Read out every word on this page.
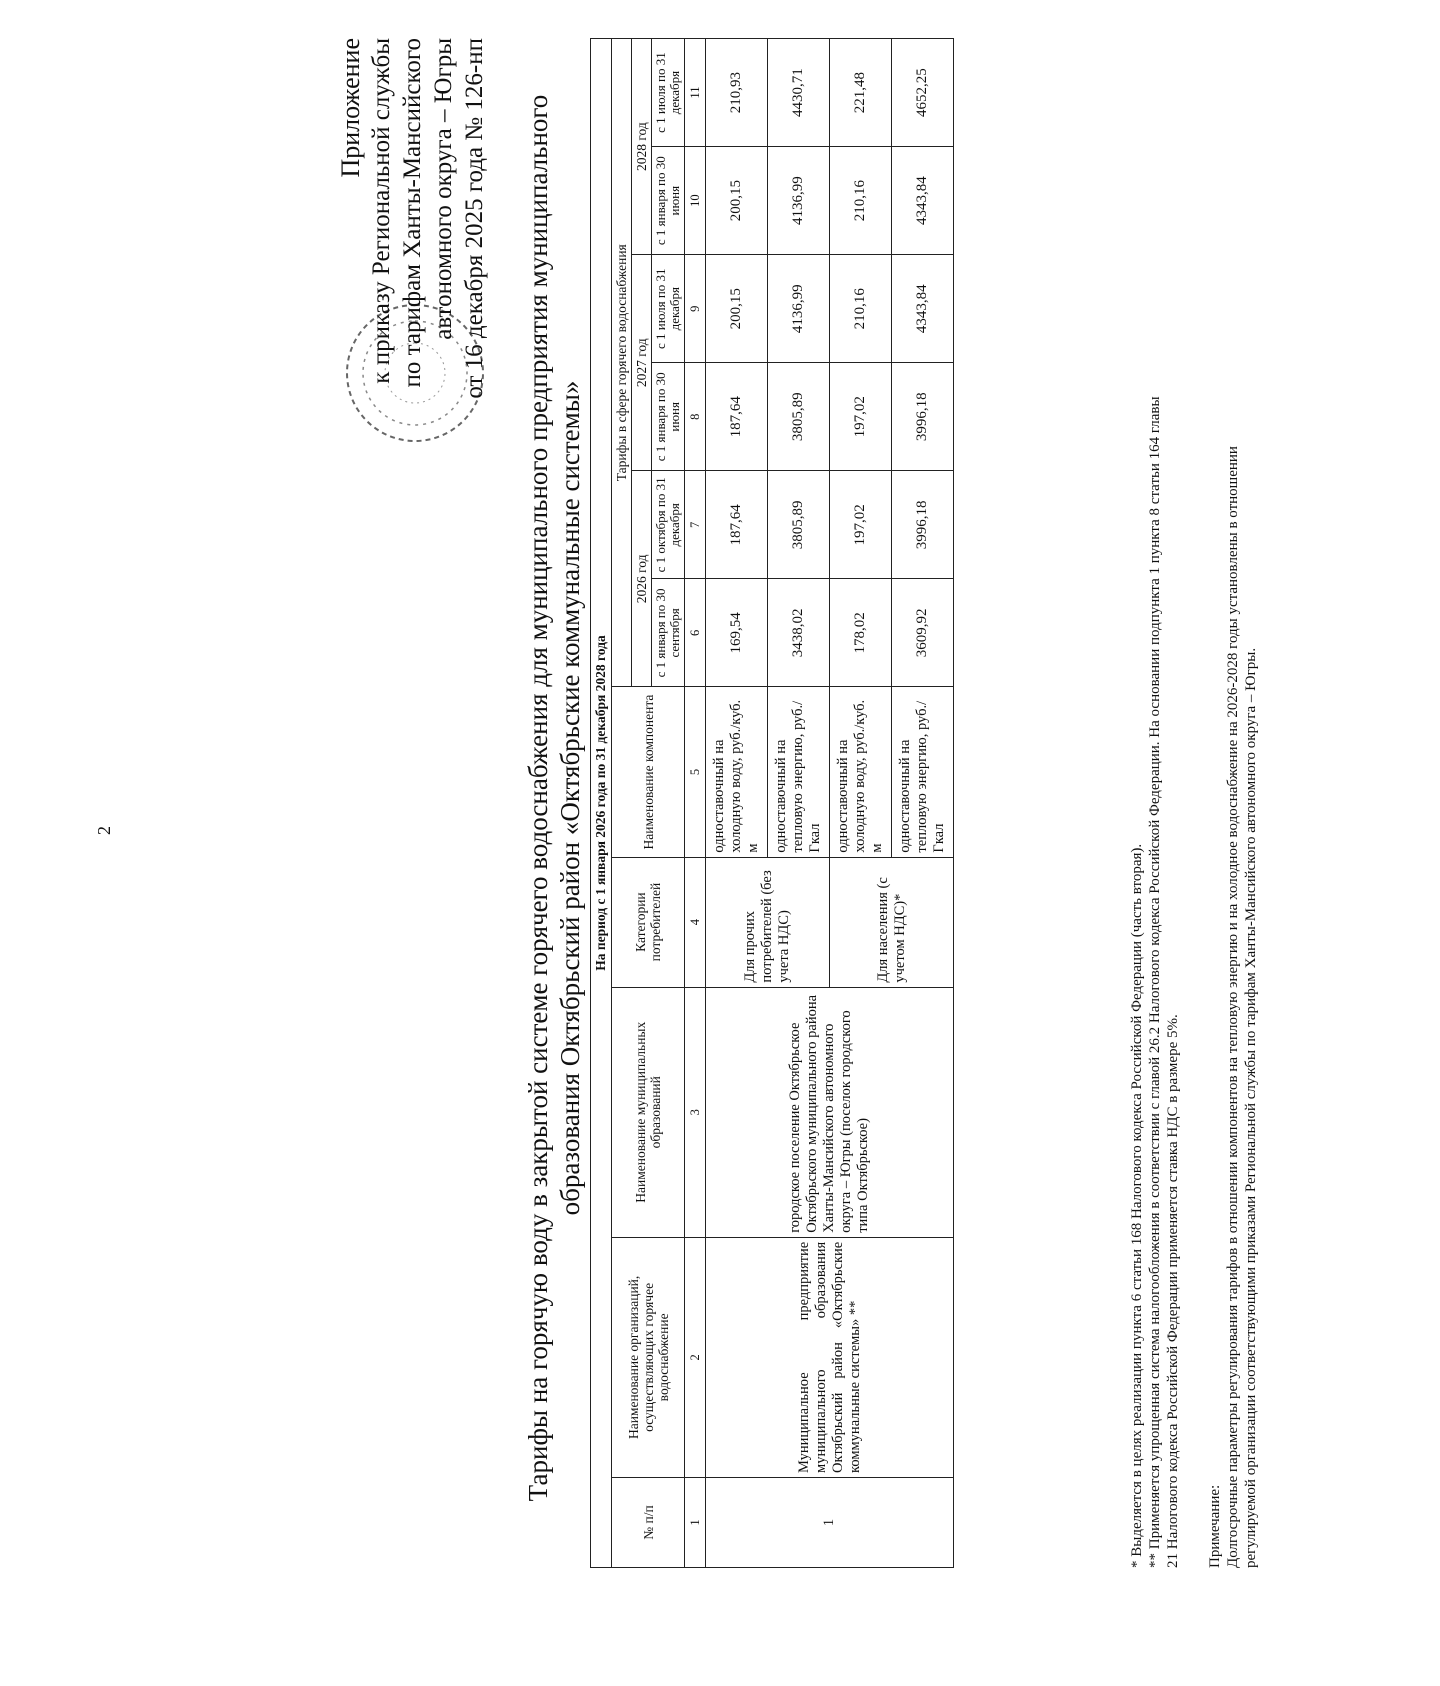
2
Приложение к приказу Региональной службы по тарифам Ханты-Мансийского автономного округа – Югры от 16 декабря 2025 года № 126-нп Тарифы на горячую воду в закрытой системе горячего водоснабжения для муниципального предприятия муниципального образования Октябрьский район «Октябрьские коммунальные системы» На период с 1 января 2026 года по 31 декабря 2028 года										
№ п/п	Наименование организаций, осуществляющих горячее водоснабжение	Наименование муниципальных образований	Категории потребителей	Наименование компонента	Тарифы в сфере горячего водоснабжения					
					2026 год		2027 год		2028 год	
					с 1 января по 30 сентября	с 1 октября по 31 декабря	с 1 января по 30 июня	с 1 июля по 31 декабря	с 1 января по 30 июня	с 1 июля по 31 декабря
1	2	3	4	5	6	7	8	9	10	11
1	Муниципальное предприятие муниципального образования Октябрьский район «Октябрьские коммунальные системы» **	городское поселение Октябрьское Октябрьского муниципального района Ханты-Мансийского автономного округа – Югры (поселок городского типа Октябрьское)	Для прочих потребителей (без учета НДС)	одноставочный на холодную воду, руб./куб. м	169,54	187,64	187,64	200,15	200,15	210,93
				одноставочный на тепловую энергию, руб./ Гкал	3438,02	3805,89	3805,89	4136,99	4136,99	4430,71
			Для населения (с учетом НДС)*	одноставочный на холодную воду, руб./куб. м	178,02	197,02	197,02	210,16	210,16	221,48
				одноставочный на тепловую энергию, руб./ Гкал	3609,92	3996,18	3996,18	4343,84	4343,84	4652,25

* Выделяется в целях реализации пункта 6 статьи 168 Налогового кодекса Российской Федерации (часть вторая). ** Применяется упрощенная система налогообложения в соответствии с главой 26.2 Налогового кодекса Российской Федерации. На основании подпункта 1 пункта 8 статьи 164 главы 21 Налогового кодекса Российской Федерации применяется ставка НДС в размере 5%. Примечание: Долгосрочные параметры регулирования тарифов в отношении компонентов на тепловую энергию и на холодное водоснабжение на 2026-2028 годы установлены в отношении регулируемой организации соответствующими приказами Региональной службы по тарифам Ханты-Мансийского автономного округа – Югры.
